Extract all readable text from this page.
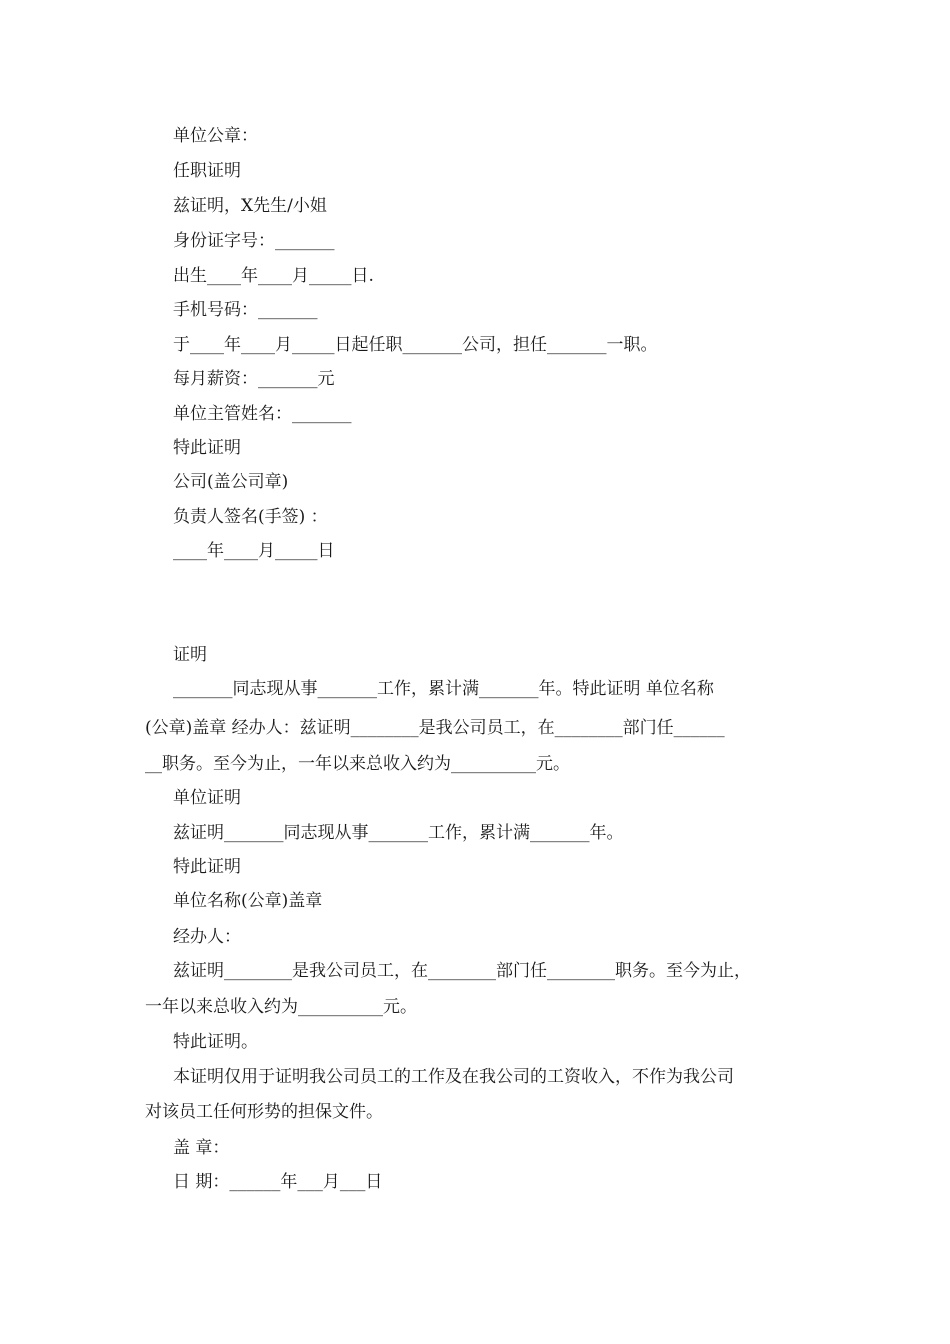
单位公章：

任职证明

兹证明，X先生/小姐

身份证字号：_______

出生____年____月_____日.

手机号码：_______

于____年____月_____日起任职_______公司，担任_______一职。

每月薪资：_______元

单位主管姓名：_______

特此证明

公司(盖公司章)

负责人签名(手签) ：

____年____月_____日

证明

_______同志现从事_______工作，累计满_______年。特此证明 单位名称

(公章)盖章 经办人：兹证明________是我公司员工，在________部门任______

__职务。至今为止，一年以来总收入约为__________元。

单位证明

兹证明_______同志现从事_______工作，累计满_______年。

特此证明

单位名称(公章)盖章

经办人：

兹证明________是我公司员工，在________部门任________职务。至今为止，

一年以来总收入约为__________元。

特此证明。

本证明仅用于证明我公司员工的工作及在我公司的工资收入，不作为我公司

对该员工任何形势的担保文件。

盖 章：

日 期：______年___月___日
